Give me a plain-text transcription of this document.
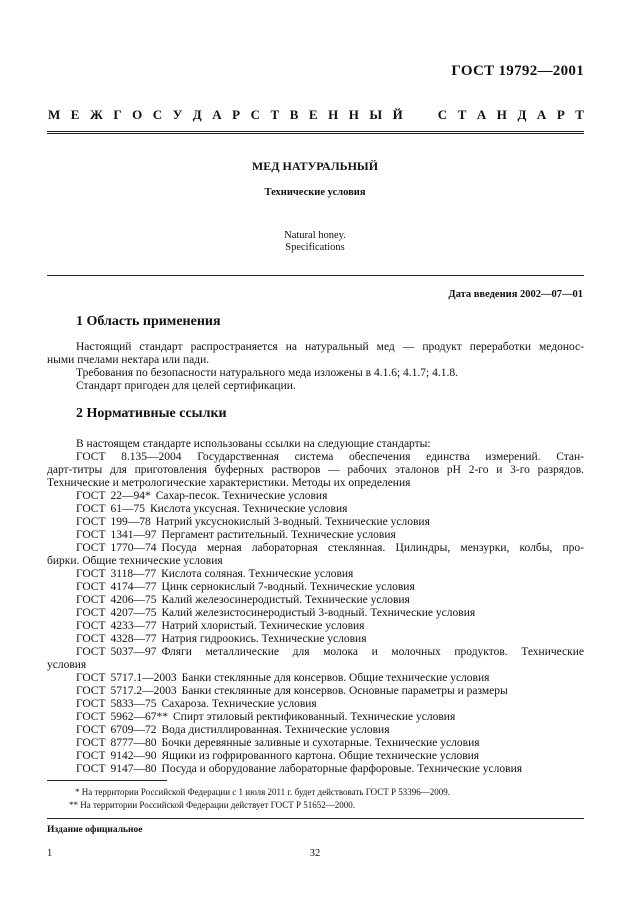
ГОСТ 19792—2001
М Е Ж Г О С У Д А Р С Т В Е Н Н Ы Й	С Т А Н Д А Р Т
МЕД НАТУРАЛЬНЫЙ
Технические условия
Natural honey.
Specifications
Дата введения 2002—07—01
1 Область применения
Настоящий стандарт распространяется на натуральный мед — продукт переработки медонос-
ными пчелами нектара или пади.
Требования по безопасности натурального меда изложены в 4.1.6; 4.1.7; 4.1.8.
Стандарт пригоден для целей сертификации.
2 Нормативные ссылки
В настоящем стандарте использованы ссылки на следующие стандарты:
ГОСТ 8.135—2004 Государственная система обеспечения единства измерений. Стан-
дарт-титры для приготовления буферных растворов — рабочих эталонов pH 2-го и 3-го разрядов.
Технические и метрологические характеристики. Методы их определения
ГОСТ 22—94* Сахар-песок. Технические условия
ГОСТ 61—75 Кислота уксусная. Технические условия
ГОСТ 199—78 Натрий уксуснокислый 3-водный. Технические условия
ГОСТ 1341—97 Пергамент растительный. Технические условия
ГОСТ 1770—74 Посуда мерная лабораторная стеклянная. Цилиндры, мензурки, колбы, про-
бирки. Общие технические условия
ГОСТ 3118—77 Кислота соляная. Технические условия
ГОСТ 4174—77 Цинк сернокислый 7-водный. Технические условия
ГОСТ 4206—75 Калий железосинеродистый. Технические условия
ГОСТ 4207—75 Калий железистосинеродистый 3-водный. Технические условия
ГОСТ 4233—77 Натрий хлористый. Технические условия
ГОСТ 4328—77 Натрия гидроокись. Технические условия
ГОСТ 5037—97 Фляги металлические для молока и молочных продуктов. Технические
условия
ГОСТ 5717.1—2003 Банки стеклянные для консервов. Общие технические условия
ГОСТ 5717.2—2003 Банки стеклянные для консервов. Основные параметры и размеры
ГОСТ 5833—75 Сахароза. Технические условия
ГОСТ 5962—67** Спирт этиловый ректификованный. Технические условия
ГОСТ 6709—72 Вода дистиллированная. Технические условия
ГОСТ 8777—80 Бочки деревянные заливные и сухотарные. Технические условия
ГОСТ 9142—90 Ящики из гофрированного картона. Общие технические условия
ГОСТ 9147—80 Посуда и оборудование лабораторные фарфоровые. Технические условия
* На территории Российской Федерации с 1 июля 2011 г. будет действовать ГОСТ Р 53396—2009.
** На территории Российской Федерации действует ГОСТ Р 51652—2000.
Издание официальное
1	32
